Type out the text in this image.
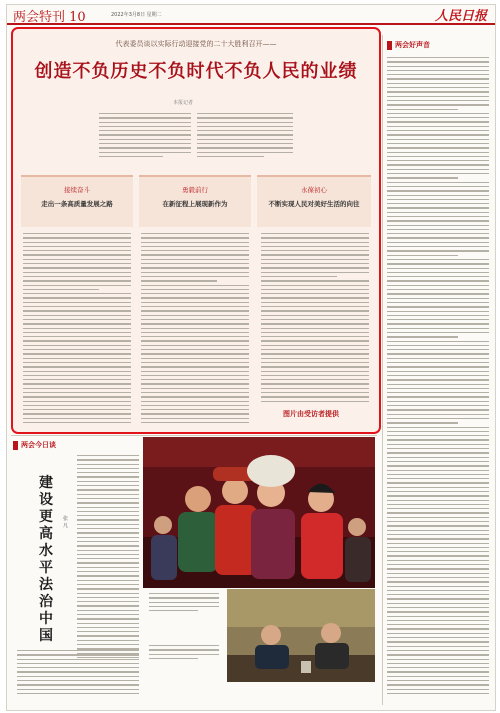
两会特刊 10	2022年3月8日 星期二	人民日报
代表委员谈以实际行动迎接党的二十大胜利召开——
创造不负历史不负时代不负人民的业绩
本报记者
接续奋斗
走出一条高质量发展之路
勇毅前行
在新征程上展现新作为
永葆初心
不断实现人民对美好生活的向往
图片由受访者提供
两会好声音
两会今日谈
建设更高水平法治中国
张凡
